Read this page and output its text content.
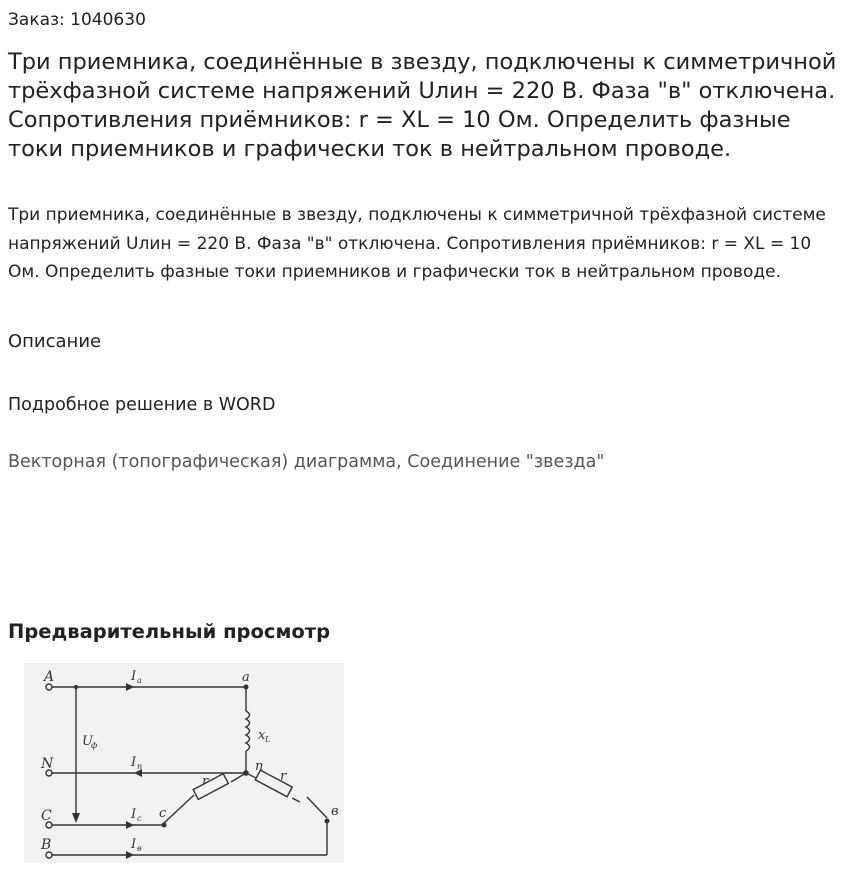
Заказ: 1040630
Три приемника, соединённые в звезду, подключены к симметричной трёхфазной системе напряжений Uлин = 220 В. Фаза "в" отключена. Сопротивления приёмников: r = XL = 10 Ом. Определить фазные токи приемников и графически ток в нейтральном проводе.

Три приемника, соединённые в звезду, подключены к симметричной трёхфазной системе напряжений Uлин = 220 В. Фаза "в" отключена. Сопротивления приёмников: r = XL = 10 Ом. Определить фазные токи приемников и графически ток в нейтральном проводе.

Описание
Подробное решение в WORD
Векторная (топографическая) диаграмма, Соединение "звезда"
Предварительный просмотр
A
N
C
B
I a
I n
I c
I в
U
ф
a
n
c	в
x L
r	r
